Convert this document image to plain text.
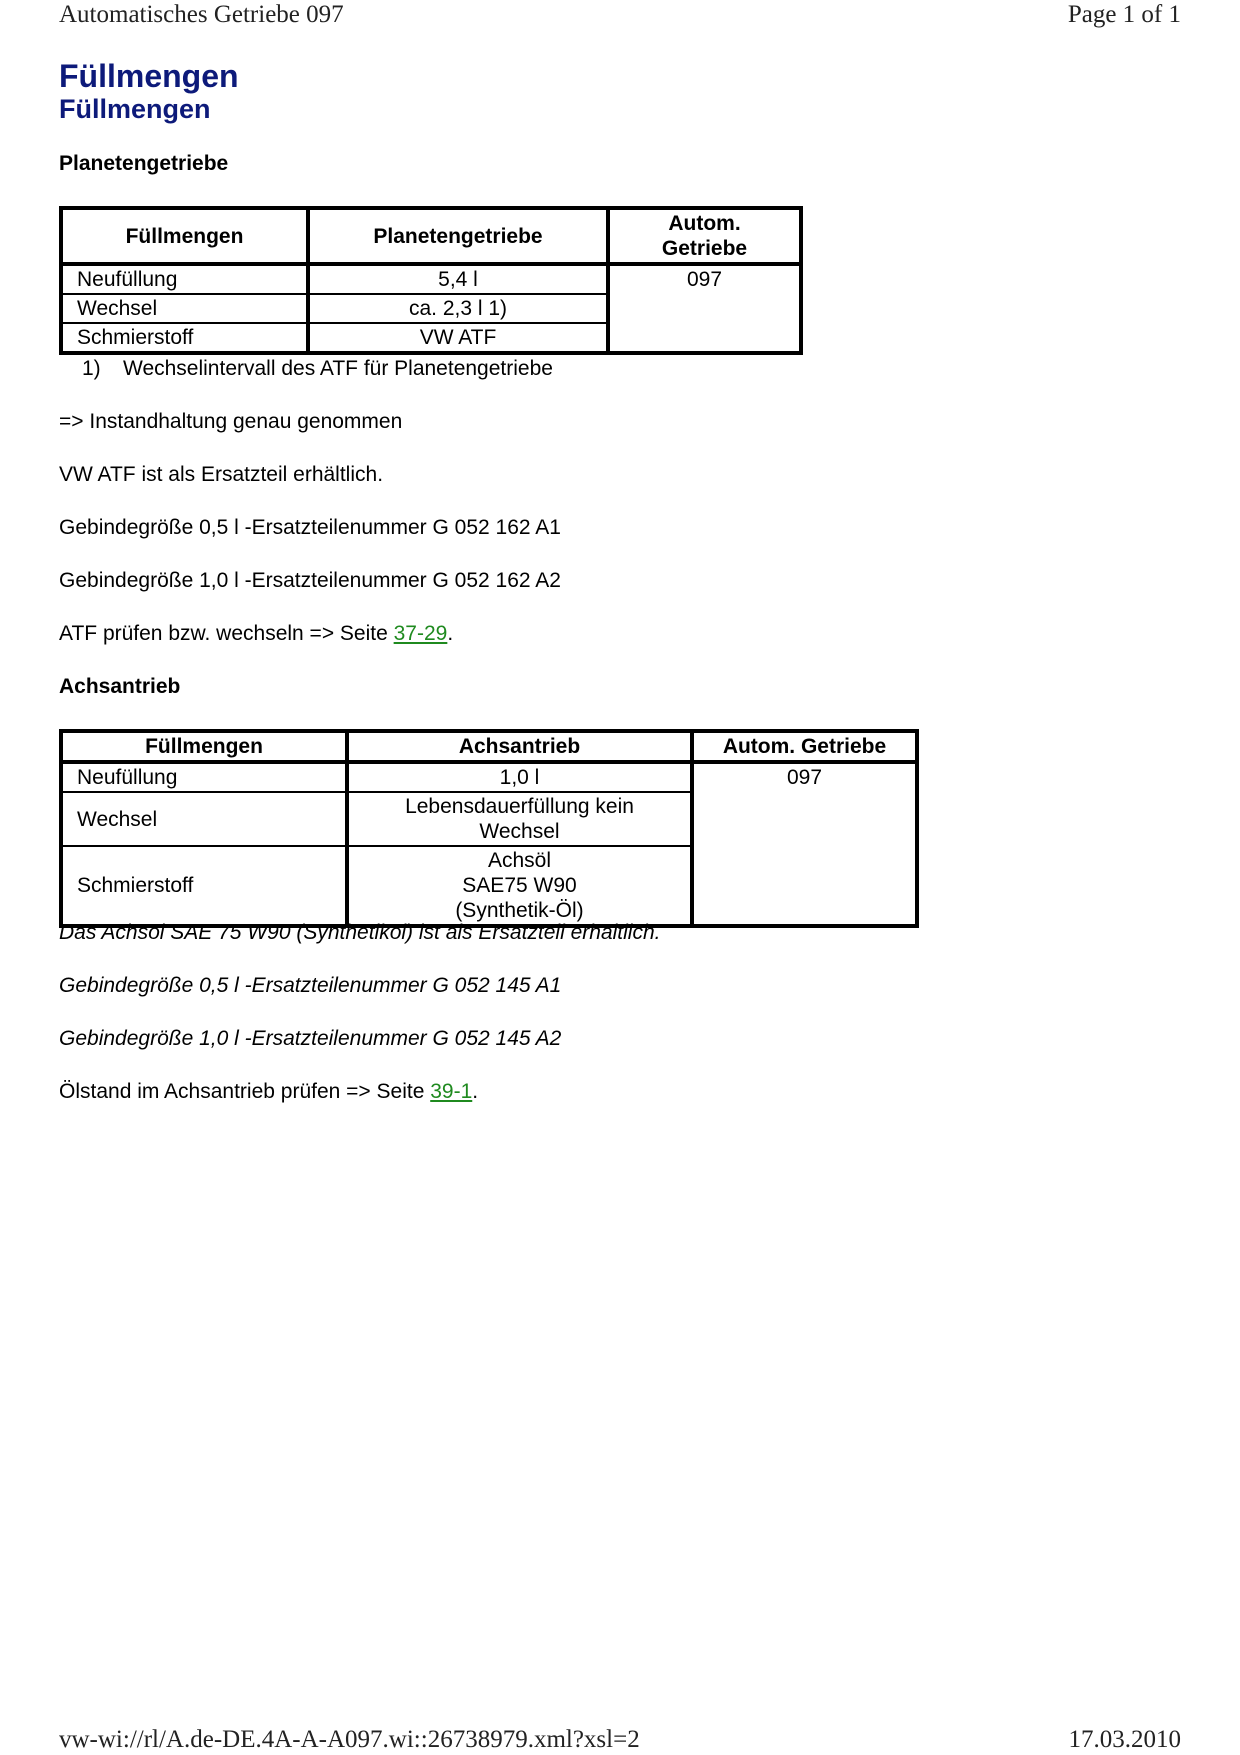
Automatisches Getriebe 097	Page 1 of 1
Füllmengen
Füllmengen
Planetengetriebe
Füllmengen	Planetengetriebe	Autom. Getriebe
Neufüllung	5,4 l	097
Wechsel	ca. 2,3 l 1)	
Schmierstoff	VW ATF	
1) Wechselintervall des ATF für Planetengetriebe

=> Instandhaltung genau genommen

VW ATF ist als Ersatzteil erhältlich.

Gebindegröße 0,5 l -Ersatzteilenummer G 052 162 A1

Gebindegröße 1,0 l -Ersatzteilenummer G 052 162 A2

ATF prüfen bzw. wechseln => Seite 37-29.

Achsantrieb
Füllmengen	Achsantrieb	Autom. Getriebe
Neufüllung	1,0 l	097
Wechsel	Lebensdauerfüllung kein Wechsel	
Schmierstoff	Achsöl
SAE75 W90
(Synthetik-Öl)	

Das Achsöl SAE 75 W90 (Synthetiköl) ist als Ersatzteil erhältlich.

Gebindegröße 0,5 l -Ersatzteilenummer G 052 145 A1

Gebindegröße 1,0 l -Ersatzteilenummer G 052 145 A2

Ölstand im Achsantrieb prüfen => Seite 39-1.

vw-wi://rl/A.de-DE.4A-A-A097.wi::26738979.xml?xsl=2	17.03.2010
